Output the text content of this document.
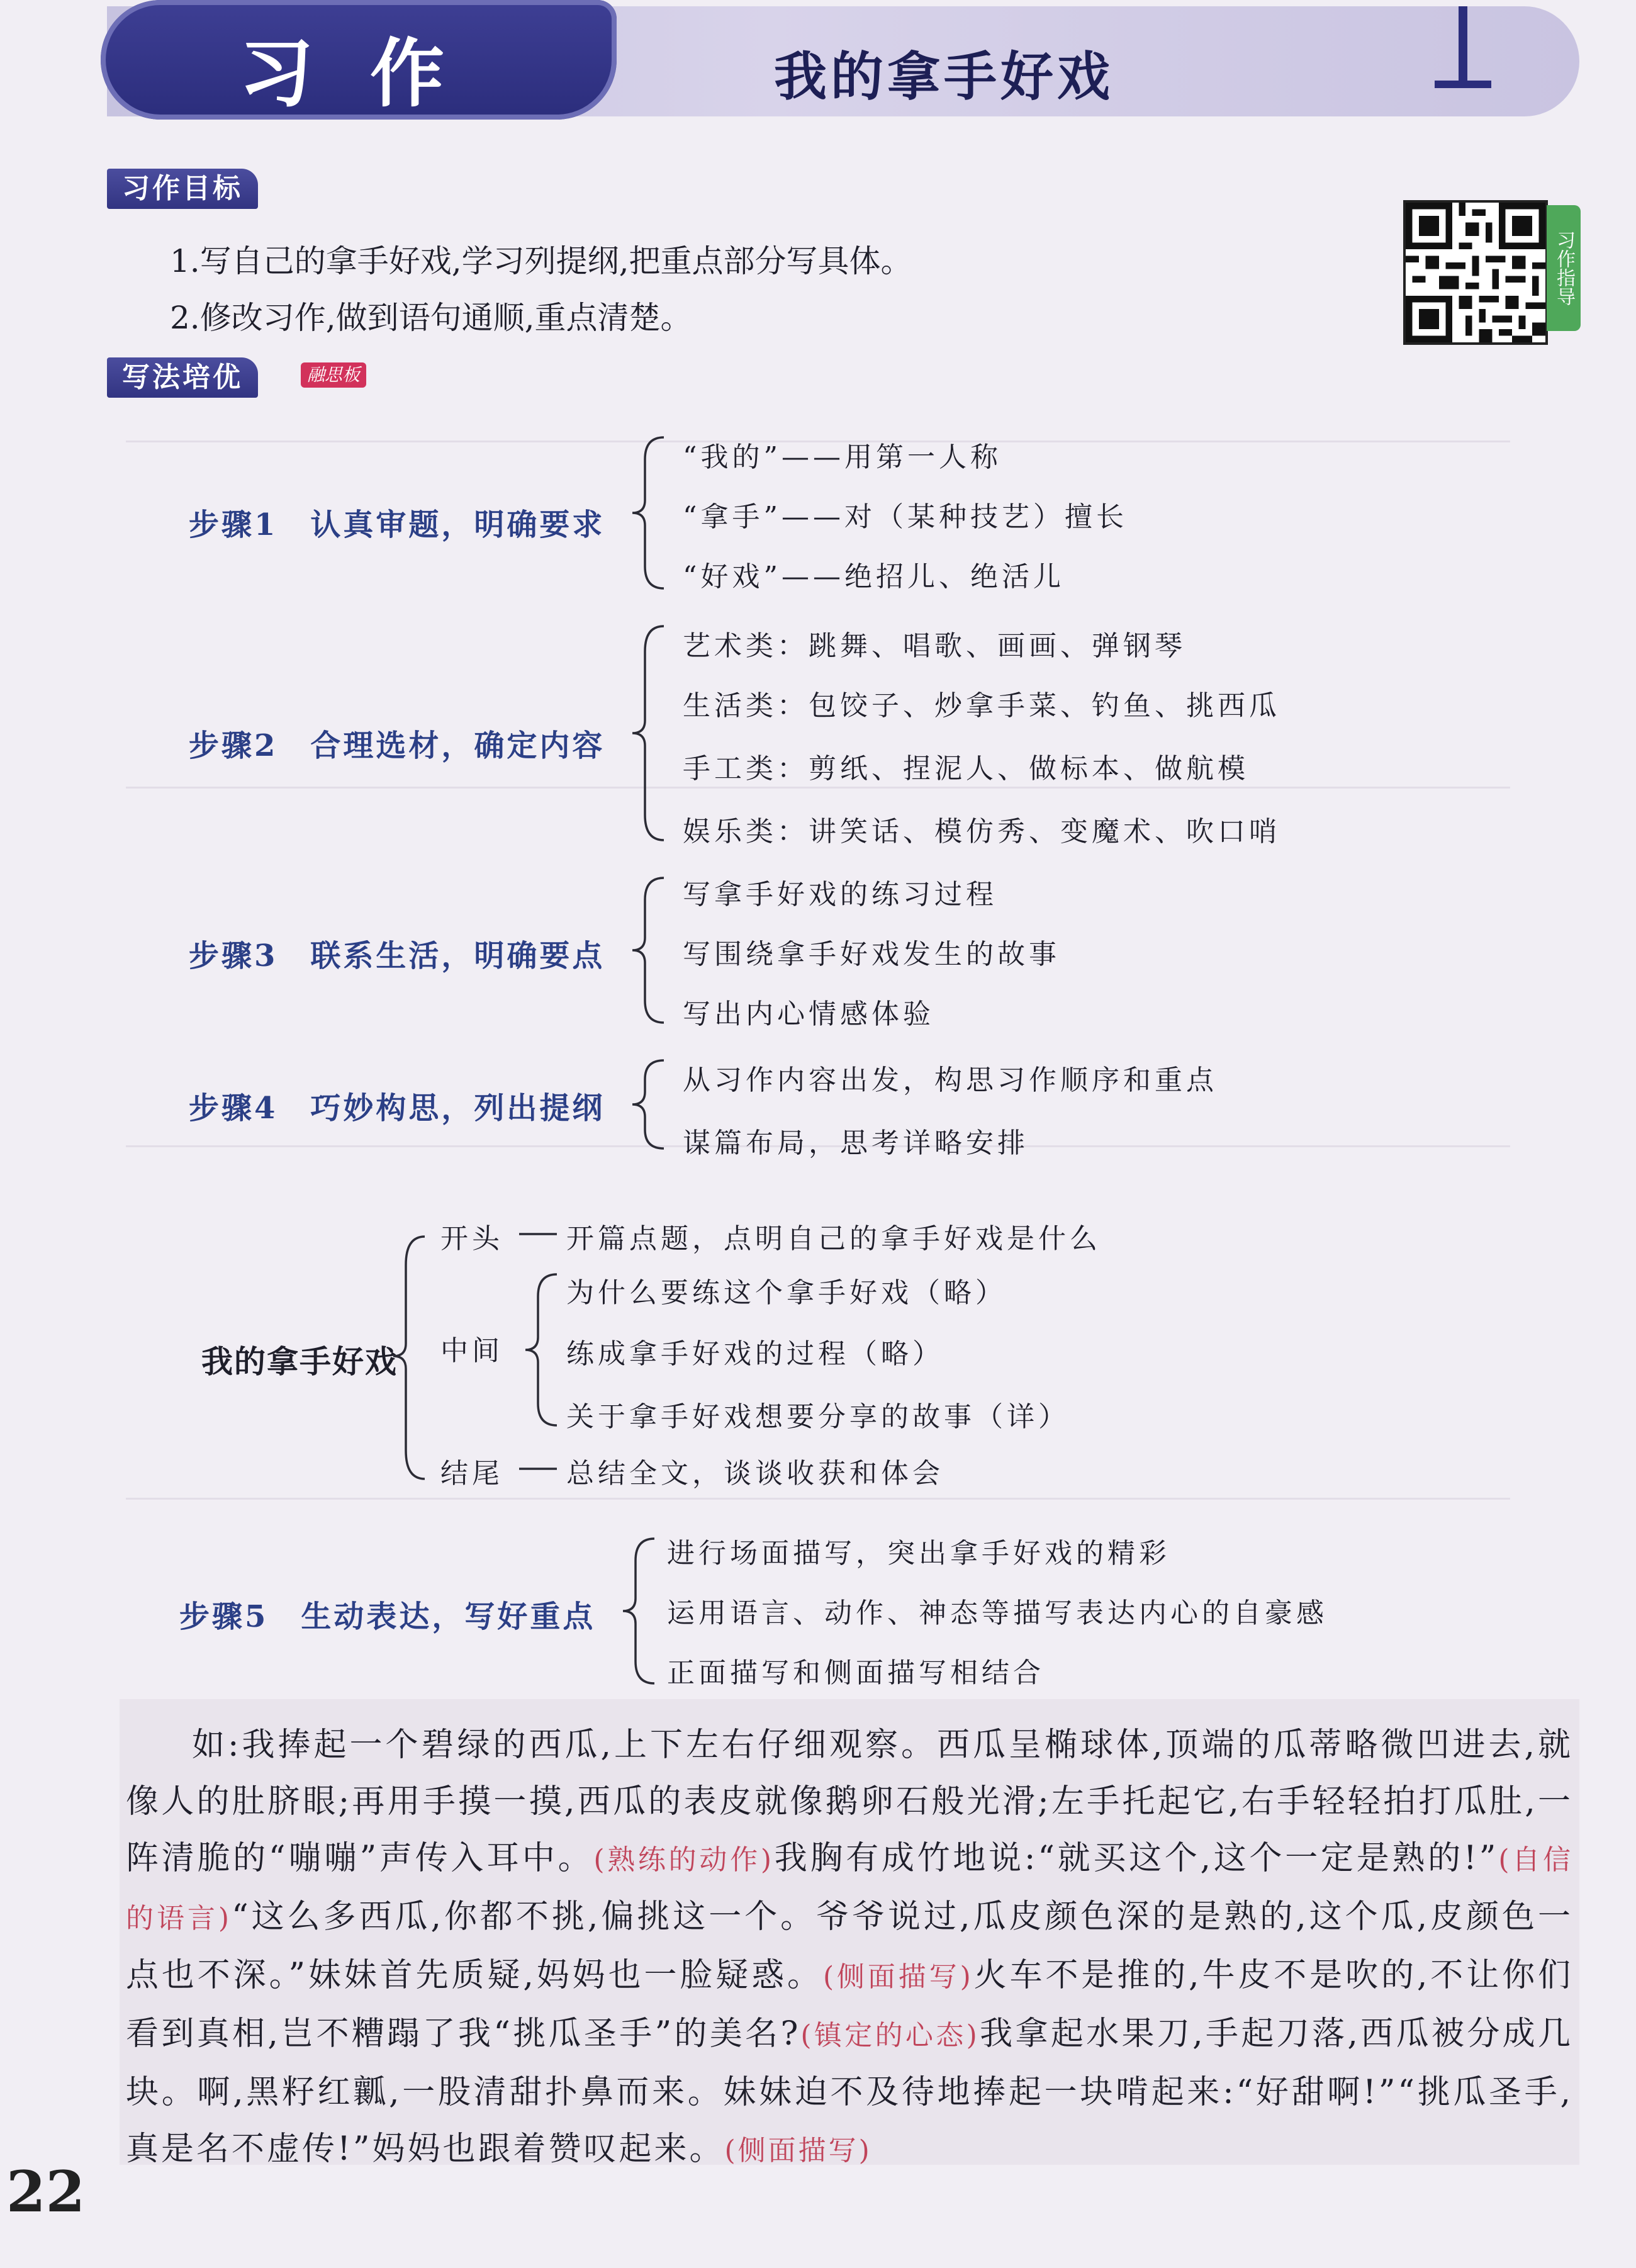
习作	我的拿手好戏
习作目标
1.写自己的拿手好戏,学习列提纲,把重点部分写具体。
2.修改习作,做到语句通顺,重点清楚。
习作指导
写法培优	融思板
步骤1　认真审题，明确要求
“我的”——用第一人称
“拿手”——对（某种技艺）擅长
“好戏”——绝招儿、绝活儿
步骤2　合理选材，确定内容
艺术类：跳舞、唱歌、画画、弹钢琴
生活类：包饺子、炒拿手菜、钓鱼、挑西瓜
手工类：剪纸、捏泥人、做标本、做航模
娱乐类：讲笑话、模仿秀、变魔术、吹口哨
步骤3　联系生活，明确要点
写拿手好戏的练习过程
写围绕拿手好戏发生的故事
写出内心情感体验
步骤4　巧妙构思，列出提纲
从习作内容出发，构思习作顺序和重点
谋篇布局，思考详略安排
我的拿手好戏
开头 开篇点题，点明自己的拿手好戏是什么
中间
为什么要练这个拿手好戏（略）
练成拿手好戏的过程（略）
关于拿手好戏想要分享的故事（详）
结尾 总结全文，谈谈收获和体会
步骤5　生动表达，写好重点
进行场面描写，突出拿手好戏的精彩
运用语言、动作、神态等描写表达内心的自豪感
正面描写和侧面描写相结合
如:我捧起一个碧绿的西瓜,上下左右仔细观察。西瓜呈椭球体,顶端的瓜蒂略微凹进去,就像人的肚脐眼;再用手摸一摸,西瓜的表皮就像鹅卵石般光滑;左手托起它,右手轻轻拍打瓜肚,一阵清脆的“嘣嘣”声传入耳中。(熟练的动作)我胸有成竹地说:“就买这个,这个一定是熟的!”(自信的语言)“这么多西瓜,你都不挑,偏挑这一个。爷爷说过,瓜皮颜色深的是熟的,这个瓜,皮颜色一点也不深。”妹妹首先质疑,妈妈也一脸疑惑。(侧面描写)火车不是推的,牛皮不是吹的,不让你们看到真相,岂不糟蹋了我“挑瓜圣手”的美名?(镇定的心态)我拿起水果刀,手起刀落,西瓜被分成几块。啊,黑籽红瓤,一股清甜扑鼻而来。妹妹迫不及待地捧起一块啃起来:“好甜啊!”“挑瓜圣手,真是名不虚传!”妈妈也跟着赞叹起来。(侧面描写)
22
